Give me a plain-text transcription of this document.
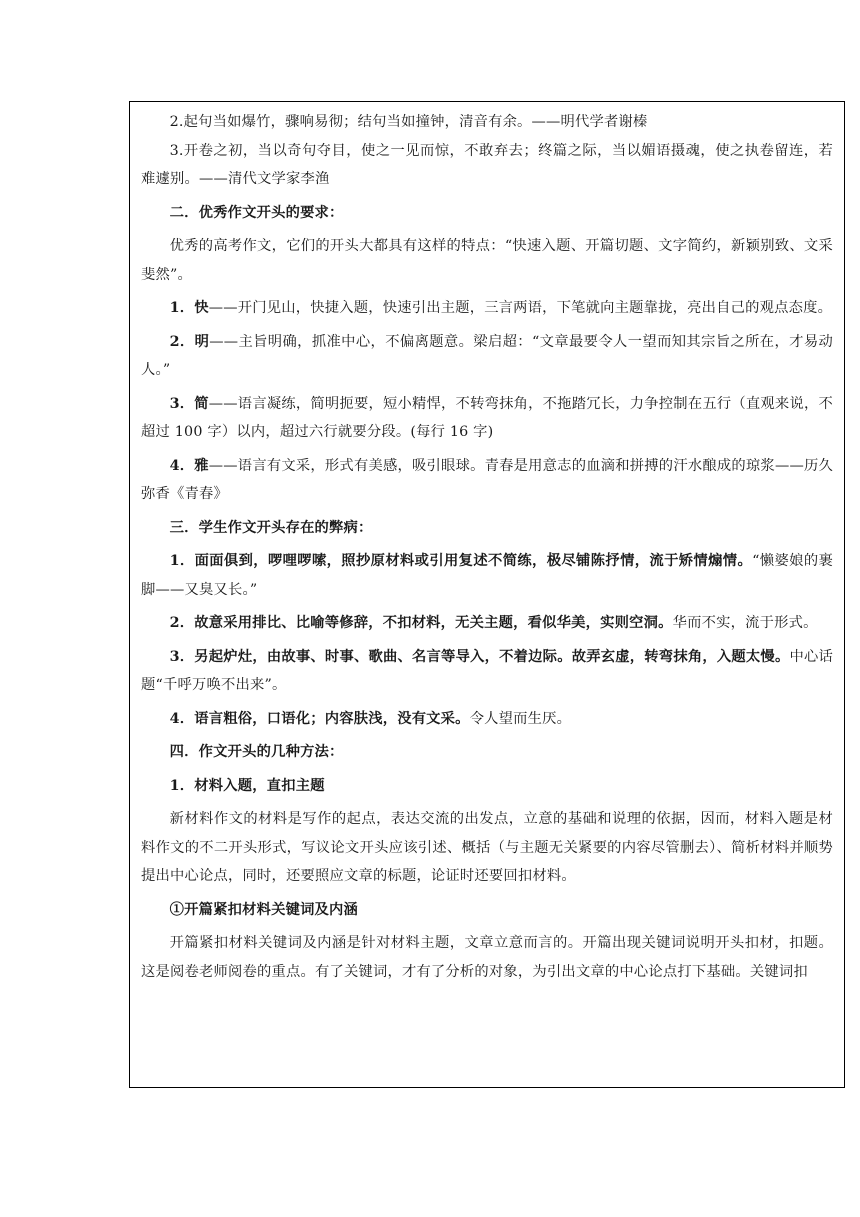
2.起句当如爆竹，骤响易彻；结句当如撞钟，清音有余。——明代学者谢榛

3.开卷之初，当以奇句夺目，使之一见而惊，不敢弃去；终篇之际，当以媚语摄魂，使之执卷留连，若难遽别。——清代文学家李渔

二．优秀作文开头的要求：

优秀的高考作文，它们的开头大都具有这样的特点：“快速入题、开篇切题、文字简约，新颖别致、文采斐然”。

1．快——开门见山，快捷入题，快速引出主题，三言两语，下笔就向主题靠拢，亮出自己的观点态度。

2．明——主旨明确，抓准中心，不偏离题意。梁启超：“文章最要令人一望而知其宗旨之所在，才易动人。”

3．简——语言凝练，简明扼要，短小精悍，不转弯抹角，不拖踏冗长，力争控制在五行（直观来说，不超过 100 字）以内，超过六行就要分段。(每行 16 字)

4．雅——语言有文采，形式有美感，吸引眼球。青春是用意志的血滴和拼搏的汗水酿成的琼浆——历久弥香《青春》

三．学生作文开头存在的弊病：

1．面面俱到，啰哩啰嗦，照抄原材料或引用复述不简练，极尽铺陈抒情，流于矫情煽情。“懒婆娘的裹脚——又臭又长。”

2．故意采用排比、比喻等修辞，不扣材料，无关主题，看似华美，实则空洞。华而不实，流于形式。

3．另起炉灶，由故事、时事、歌曲、名言等导入，不着边际。故弄玄虚，转弯抹角，入题太慢。中心话题“千呼万唤不出来”。

4．语言粗俗，口语化；内容肤浅，没有文采。令人望而生厌。

四．作文开头的几种方法：

1．材料入题，直扣主题

新材料作文的材料是写作的起点，表达交流的出发点，立意的基础和说理的依据，因而，材料入题是材料作文的不二开头形式，写议论文开头应该引述、概括（与主题无关紧要的内容尽管删去）、简析材料并顺势提出中心论点，同时，还要照应文章的标题，论证时还要回扣材料。

①开篇紧扣材料关键词及内涵

开篇紧扣材料关键词及内涵是针对材料主题，文章立意而言的。开篇出现关键词说明开头扣材，扣题。这是阅卷老师阅卷的重点。有了关键词，才有了分析的对象，为引出文章的中心论点打下基础。关键词扣
